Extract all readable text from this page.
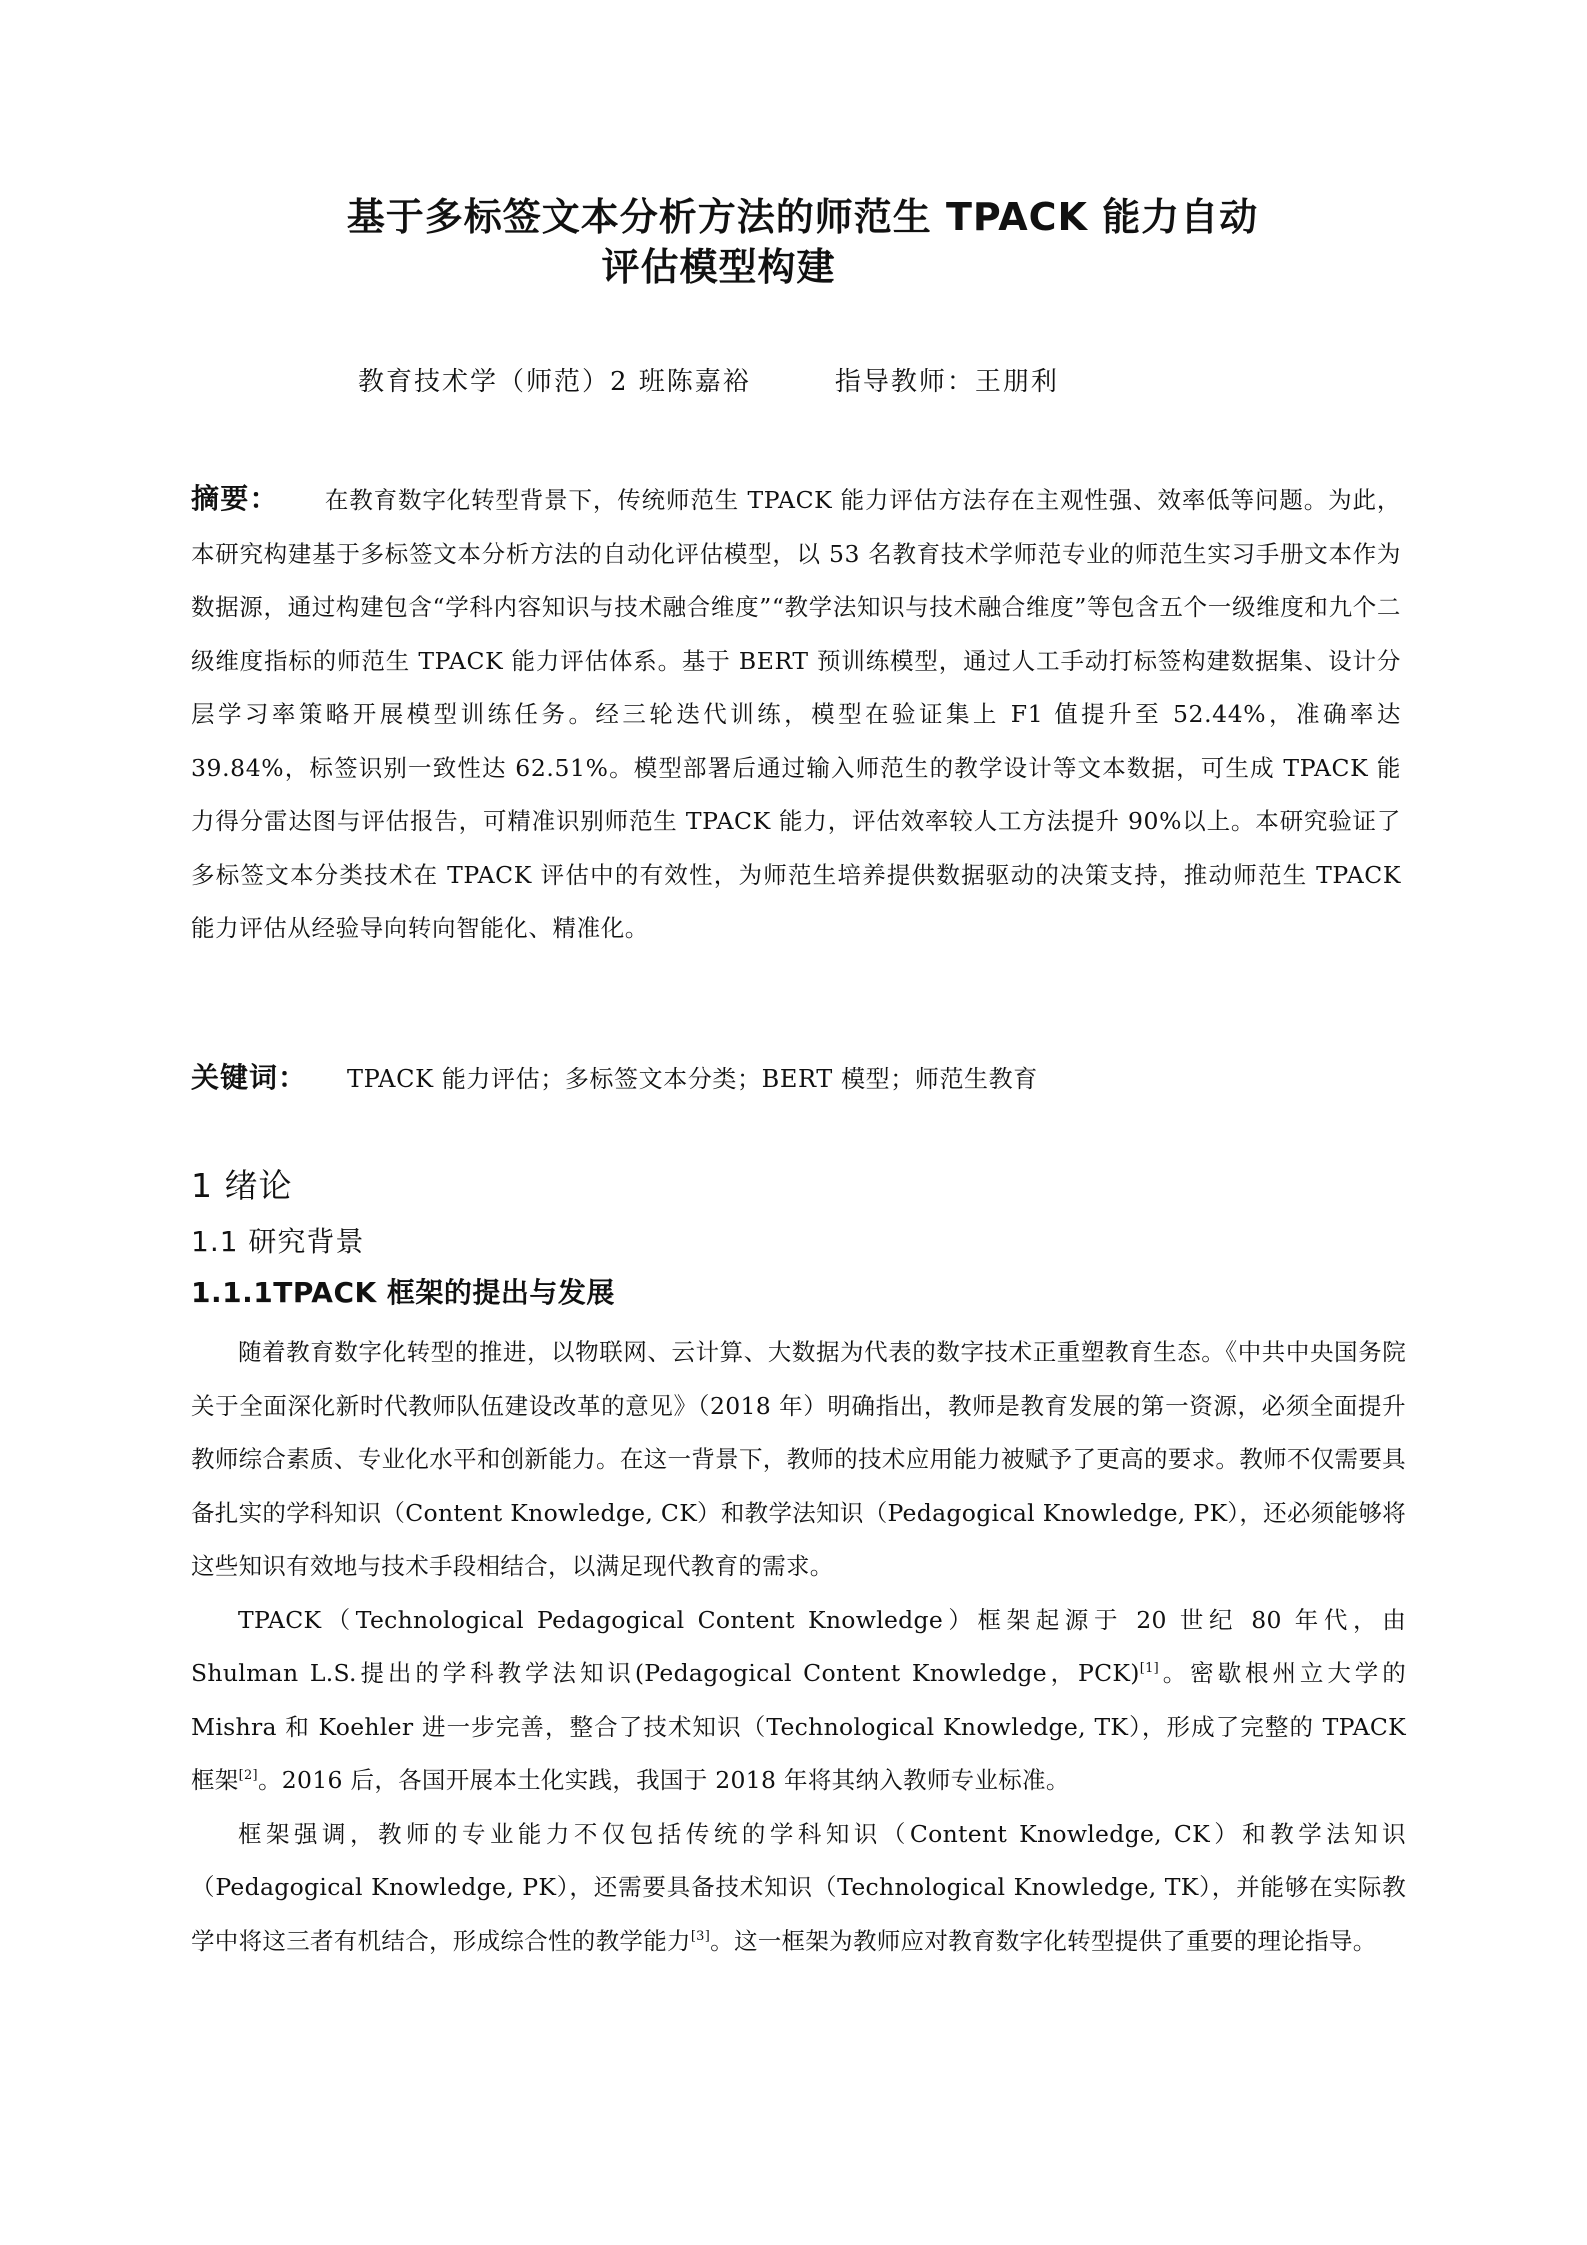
基于多标签文本分析方法的师范生 TPACK 能力自动
评估模型构建
教育技术学（师范）2 班陈嘉裕	指导教师：王朋利
摘要： 在教育数字化转型背景下，传统师范生 TPACK 能力评估方法存在主观性强、效率低等问题。为此，本研究构建基于多标签文本分析方法的自动化评估模型，以 53 名教育技术学师范专业的师范生实习手册文本作为数据源，通过构建包含“学科内容知识与技术融合维度”“教学法知识与技术融合维度”等包含五个一级维度和九个二级维度指标的师范生 TPACK 能力评估体系。基于 BERT 预训练模型，通过人工手动打标签构建数据集、设计分层学习率策略开展模型训练任务。经三轮迭代训练，模型在验证集上 F1 值提升至 52.44%，准确率达 39.84%，标签识别一致性达 62.51%。模型部署后通过输入师范生的教学设计等文本数据，可生成 TPACK 能力得分雷达图与评估报告，可精准识别师范生 TPACK 能力，评估效率较人工方法提升 90%以上。本研究验证了多标签文本分类技术在 TPACK 评估中的有效性，为师范生培养提供数据驱动的决策支持，推动师范生 TPACK 能力评估从经验导向转向智能化、精准化。
关键词： TPACK 能力评估；多标签文本分类；BERT 模型；师范生教育
1 绪论
1.1 研究背景
1.1.1TPACK 框架的提出与发展

随着教育数字化转型的推进，以物联网、云计算、大数据为代表的数字技术正重塑教育生态。《中共中央国务院关于全面深化新时代教师队伍建设改革的意见》（2018 年）明确指出，教师是教育发展的第一资源，必须全面提升教师综合素质、专业化水平和创新能力。在这一背景下，教师的技术应用能力被赋予了更高的要求。教师不仅需要具备扎实的学科知识（Content Knowledge, CK）和教学法知识（Pedagogical Knowledge, PK），还必须能够将这些知识有效地与技术手段相结合，以满足现代教育的需求。

TPACK（Technological Pedagogical Content Knowledge）框架起源于 20 世纪 80 年代，由 Shulman L.S.提出的学科教学法知识(Pedagogical Content Knowledge，PCK)[1]。密歇根州立大学的 Mishra 和 Koehler 进一步完善，整合了技术知识（Technological Knowledge, TK），形成了完整的 TPACK 框架[2]。2016 后，各国开展本土化实践，我国于 2018 年将其纳入教师专业标准。

框架强调，教师的专业能力不仅包括传统的学科知识（Content Knowledge, CK）和教学法知识（Pedagogical Knowledge, PK），还需要具备技术知识（Technological Knowledge, TK），并能够在实际教学中将这三者有机结合，形成综合性的教学能力[3]。这一框架为教师应对教育数字化转型提供了重要的理论指导。
